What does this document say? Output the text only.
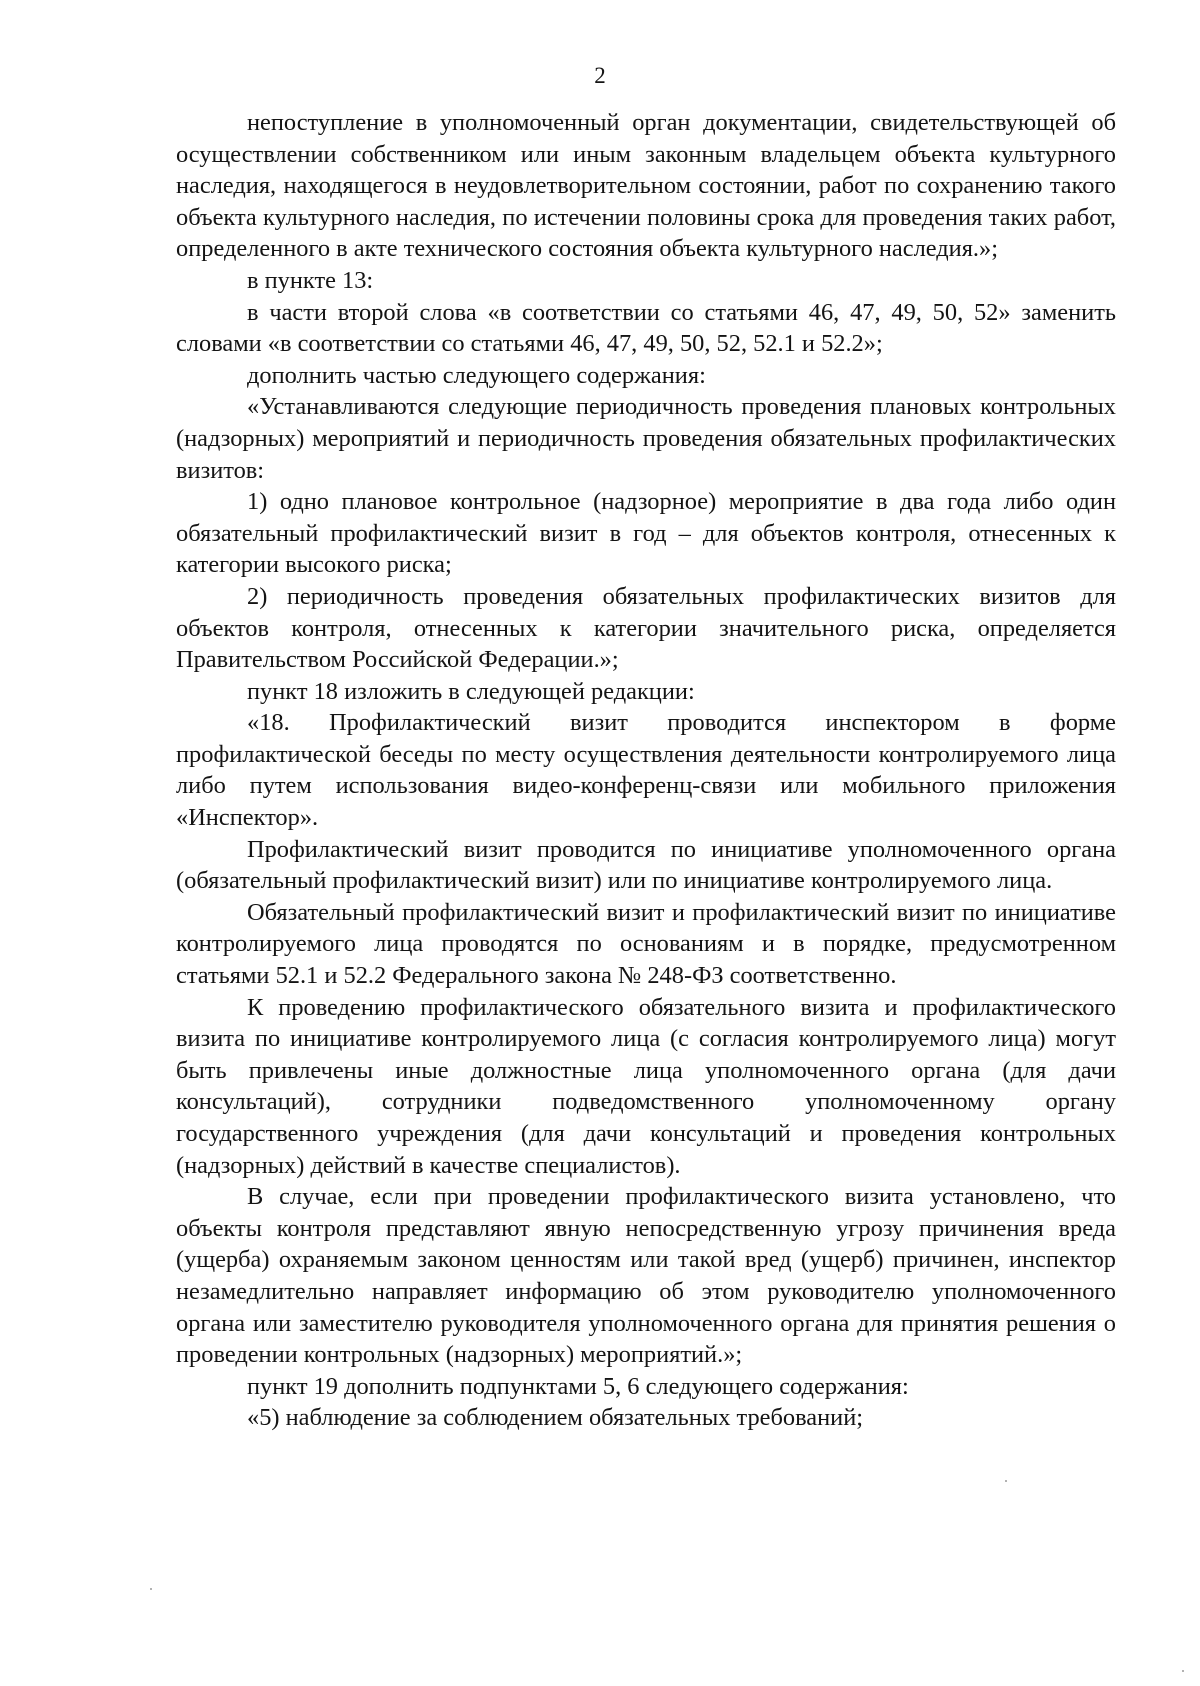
2

непоступление в уполномоченный орган документации, свидетельствующей об осуществлении собственником или иным законным владельцем объекта культурного наследия, находящегося в неудовлетворительном состоянии, работ по сохранению такого объекта культурного наследия, по истечении половины срока для проведения таких работ, определенного в акте технического состояния объекта культурного наследия.»;

в пункте 13:

в части второй слова «в соответствии со статьями 46, 47, 49, 50, 52» заменить словами «в соответствии со статьями 46, 47, 49, 50, 52, 52.1 и 52.2»;

дополнить частью следующего содержания:

«Устанавливаются следующие периодичность проведения плановых контрольных (надзорных) мероприятий и периодичность проведения обязательных профилактических визитов:

1) одно плановое контрольное (надзорное) мероприятие в два года либо один обязательный профилактический визит в год – для объектов контроля, отнесенных к категории высокого риска;

2) периодичность проведения обязательных профилактических визитов для объектов контроля, отнесенных к категории значительного риска, определяется Правительством Российской Федерации.»;

пункт 18 изложить в следующей редакции:

«18. Профилактический визит проводится инспектором в форме профилактической беседы по месту осуществления деятельности контролируемого лица либо путем использования видео-конференц-связи или мобильного приложения «Инспектор».

Профилактический визит проводится по инициативе уполномоченного органа (обязательный профилактический визит) или по инициативе контролируемого лица.

Обязательный профилактический визит и профилактический визит по инициативе контролируемого лица проводятся по основаниям и в порядке, предусмотренном статьями 52.1 и 52.2 Федерального закона № 248-ФЗ соответственно.

К проведению профилактического обязательного визита и профилактического визита по инициативе контролируемого лица (с согласия контролируемого лица) могут быть привлечены иные должностные лица уполномоченного органа (для дачи консультаций), сотрудники подведомственного уполномоченному органу государственного учреждения (для дачи консультаций и проведения контрольных (надзорных) действий в качестве специалистов).

В случае, если при проведении профилактического визита установлено, что объекты контроля представляют явную непосредственную угрозу причинения вреда (ущерба) охраняемым законом ценностям или такой вред (ущерб) причинен, инспектор незамедлительно направляет информацию об этом руководителю уполномоченного органа или заместителю руководителя уполномоченного органа для принятия решения о проведении контрольных (надзорных) мероприятий.»;

пункт 19 дополнить подпунктами 5, 6 следующего содержания:

«5) наблюдение за соблюдением обязательных требований;
